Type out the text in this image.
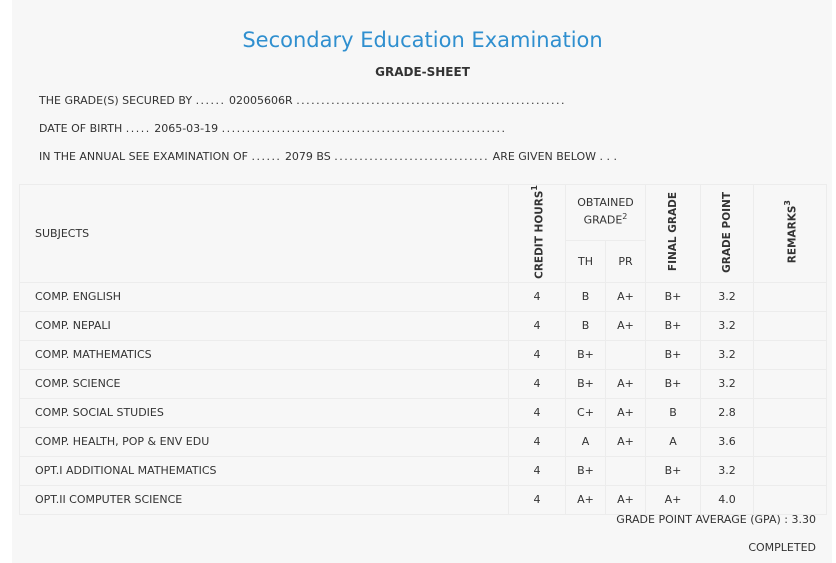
Secondary Education Examination
GRADE-SHEET
THE GRADE(S) SECURED BY ...... 02005606R ......................................................
DATE OF BIRTH ..... 2065-03-19 .........................................................
IN THE ANNUAL SEE EXAMINATION OF ...... 2079 BS ............................... ARE GIVEN BELOW . . .
SUBJECTS	CREDIT HOURS$^1$	OBTAINED GRADE$^2$		FINAL GRADE	GRADE POINT	REMARKS$^3$
		TH	PR			
COMP. ENGLISH	4	B	A+	B+	3.2	
COMP. NEPALI	4	B	A+	B+	3.2	
COMP. MATHEMATICS	4	B+		B+	3.2	
COMP. SCIENCE	4	B+	A+	B+	3.2	
COMP. SOCIAL STUDIES	4	C+	A+	B	2.8	
COMP. HEALTH, POP & ENV EDU	4	A	A+	A	3.6	
OPT.I ADDITIONAL MATHEMATICS	4	B+		B+	3.2	
OPT.II COMPUTER SCIENCE	4	A+	A+	A+	4.0	
GRADE POINT AVERAGE (GPA) : 3.30
COMPLETED
